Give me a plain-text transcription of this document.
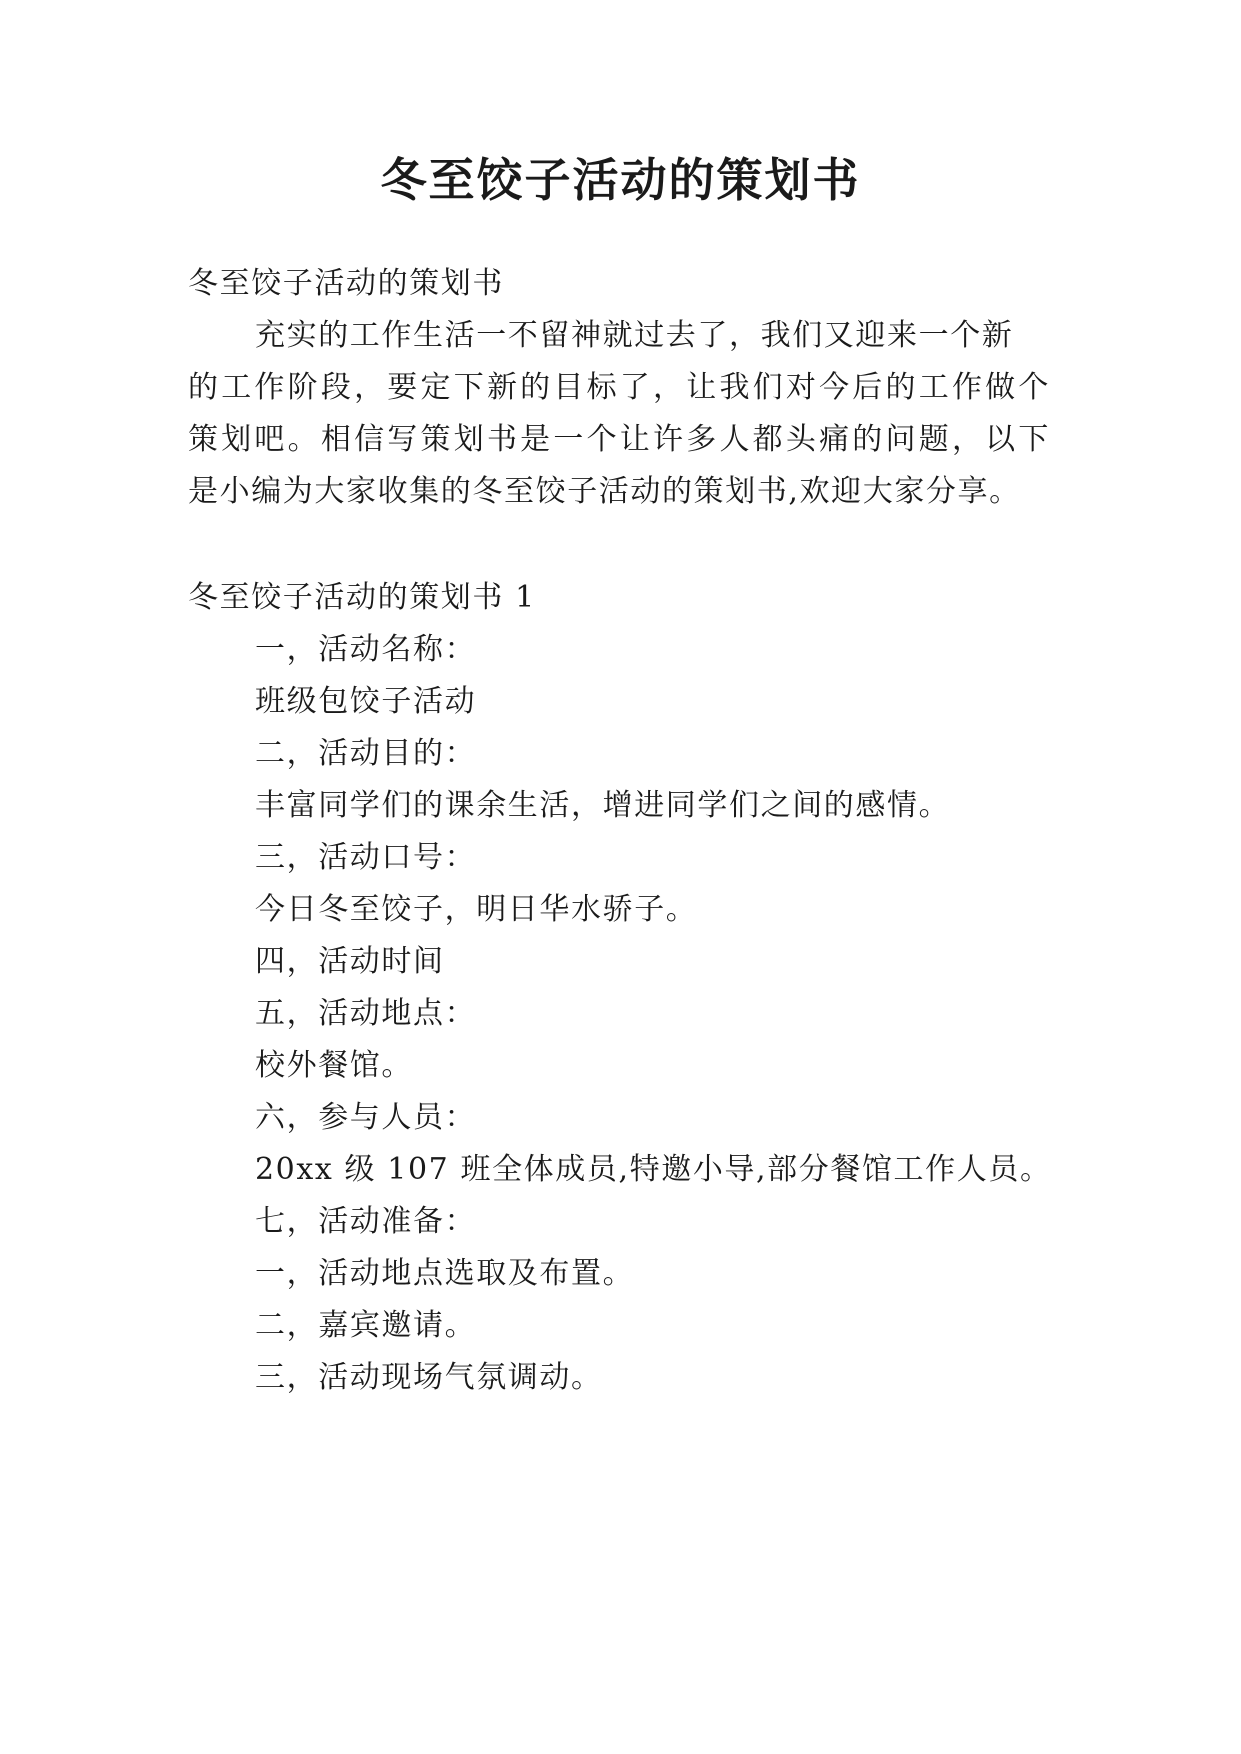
冬至饺子活动的策划书

冬至饺子活动的策划书

充实的工作生活一不留神就过去了，我们又迎来一个新

的工作阶段，要定下新的目标了，让我们对今后的工作做个

策划吧。相信写策划书是一个让许多人都头痛的问题，以下

是小编为大家收集的冬至饺子活动的策划书,欢迎大家分享。

冬至饺子活动的策划书 1

一，活动名称：

班级包饺子活动

二，活动目的：

丰富同学们的课余生活，增进同学们之间的感情。

三，活动口号：

今日冬至饺子，明日华水骄子。

四，活动时间

五，活动地点：

校外餐馆。

六，参与人员：

20xx 级 107 班全体成员,特邀小导,部分餐馆工作人员。

七，活动准备：

一，活动地点选取及布置。

二，嘉宾邀请。

三，活动现场气氛调动。
